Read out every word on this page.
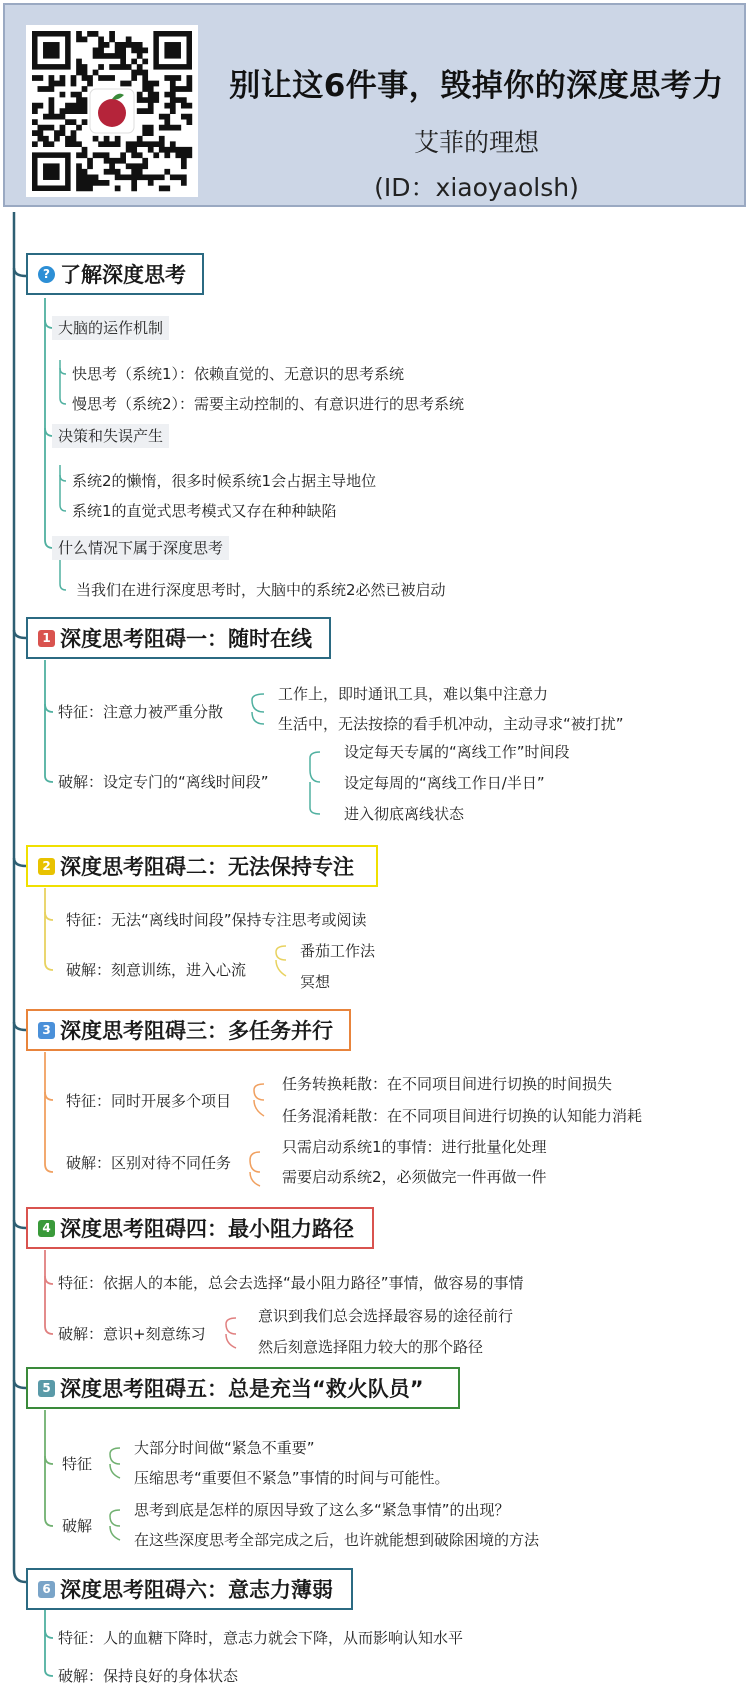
别让这6件事，毁掉你的深度思考力
艾菲的理想
(ID：xiaoyaolsh)
? 了解深度思考
大脑的运作机制
快思考（系统1）：依赖直觉的、无意识的思考系统
慢思考（系统2）：需要主动控制的、有意识进行的思考系统
决策和失误产生
系统2的懒惰，很多时候系统1会占据主导地位
系统1的直觉式思考模式又存在种种缺陷
什么情况下属于深度思考
当我们在进行深度思考时，大脑中的系统2必然已被启动
1 深度思考阻碍一：随时在线
特征：注意力被严重分散
工作上，即时通讯工具，难以集中注意力
生活中，无法按捺的看手机冲动，主动寻求“被打扰”
破解：设定专门的“离线时间段”
设定每天专属的“离线工作”时间段
设定每周的“离线工作日/半日”
进入彻底离线状态
2 深度思考阻碍二：无法保持专注
特征：无法“离线时间段”保持专注思考或阅读
破解：刻意训练，进入心流
番茄工作法
冥想
3 深度思考阻碍三：多任务并行
特征：同时开展多个项目
任务转换耗散：在不同项目间进行切换的时间损失
任务混淆耗散：在不同项目间进行切换的认知能力消耗
破解：区别对待不同任务
只需启动系统1的事情：进行批量化处理
需要启动系统2，必须做完一件再做一件
4 深度思考阻碍四：最小阻力路径
特征：依据人的本能，总会去选择“最小阻力路径”事情，做容易的事情
破解：意识+刻意练习
意识到我们总会选择最容易的途径前行
然后刻意选择阻力较大的那个路径
5 深度思考阻碍五：总是充当“救火队员”
特征
大部分时间做“紧急不重要”
压缩思考“重要但不紧急”事情的时间与可能性。
破解
思考到底是怎样的原因导致了这么多“紧急事情”的出现？
在这些深度思考全部完成之后，也许就能想到破除困境的方法
6 深度思考阻碍六：意志力薄弱
特征：人的血糖下降时，意志力就会下降，从而影响认知水平
破解：保持良好的身体状态
